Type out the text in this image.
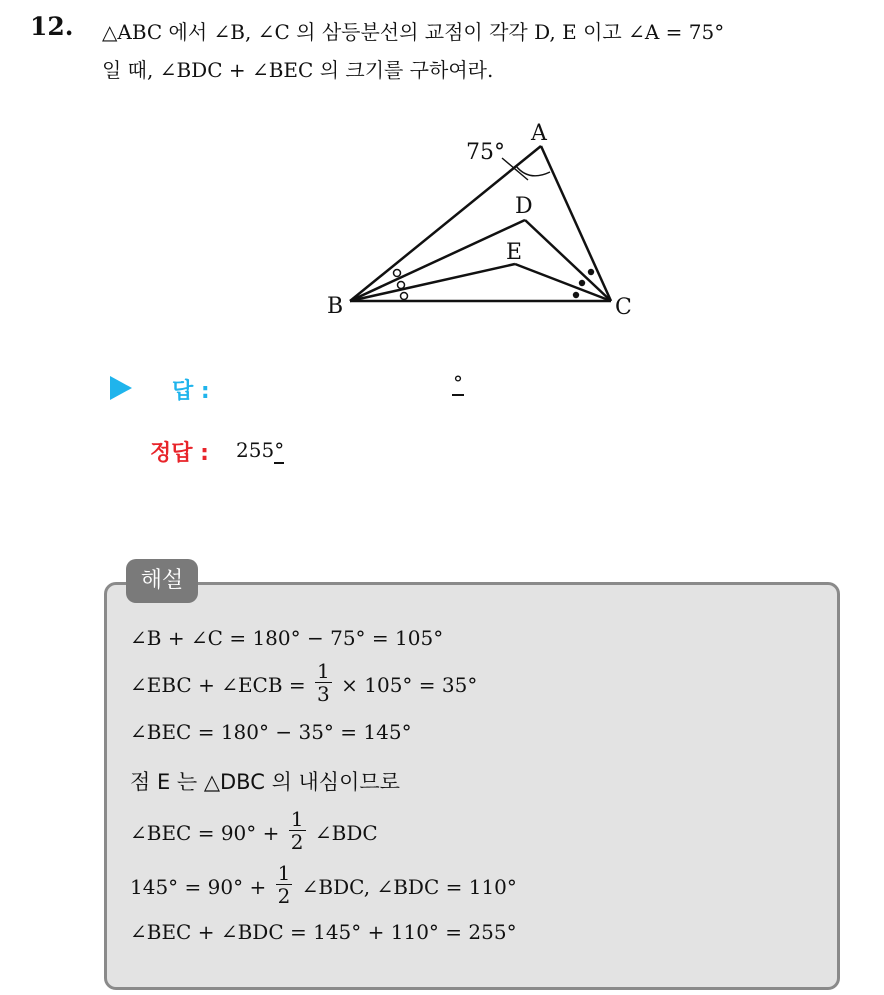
12. △ABC 에서 ∠B, ∠C 의 삼등분선의 교점이 각각 D, E 이고 ∠A = 75°
일 때, ∠BDC + ∠BEC 의 크기를 구하여라.
75°
A
B	C
D
E
답 :	°
정답 : 255°
해설
∠B + ∠C = 180° − 75° = 105°
∠EBC + ∠ECB = $\frac{1}{3} \times 105^\circ = 35^\circ$
∠BEC = 180° − 35° = 145°
점 E 는 △DBC 의 내심이므로
∠BEC = $90^\circ + \frac{1}{2}$ ∠BDC
$145^\circ = 90^\circ + \frac{1}{2}$ ∠BDC, ∠BDC = 110°
∠BEC + ∠BDC = 145° + 110° = 255°
